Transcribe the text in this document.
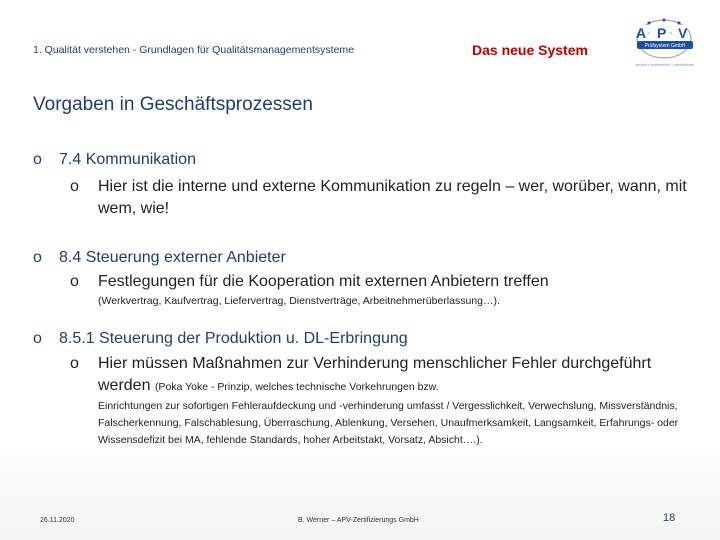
1. Qualität verstehen - Grundlagen für Qualitätsmanagementsysteme	Das neue System
A - P - V
Prüfsystem GmbH
prüfen • verbessern • zertifizieren
Vorgaben in Geschäftsprozessen
o 7.4 Kommunikation
o Hier ist die interne und externe Kommunikation zu regeln – wer, worüber, wann, mit wem, wie!
o 8.4 Steuerung externer Anbieter
o Festlegungen für die Kooperation mit externen Anbietern treffen
(Werkvertrag, Kaufvertrag, Liefervertrag, Dienstverträge, Arbeitnehmerüberlassung…).
o 8.5.1 Steuerung der Produktion u. DL-Erbringung
o Hier müssen Maßnahmen zur Verhinderung menschlicher Fehler durchgeführt werden (Poka Yoke - Prinzip, welches technische Vorkehrungen bzw.
Einrichtungen zur sofortigen Fehleraufdeckung und -verhinderung umfasst / Vergesslichkeit, Verwechslung, Missverständnis, Falscherkennung, Falschablesung, Überraschung, Ablenkung, Versehen, Unaufmerksamkeit, Langsamkeit, Erfahrungs- oder Wissensdefizit bei MA, fehlende Standards, hoher Arbeitstakt, Vorsatz, Absicht….).
26.11.2020	B. Werner – APV-Zertifizierungs GmbH	18
